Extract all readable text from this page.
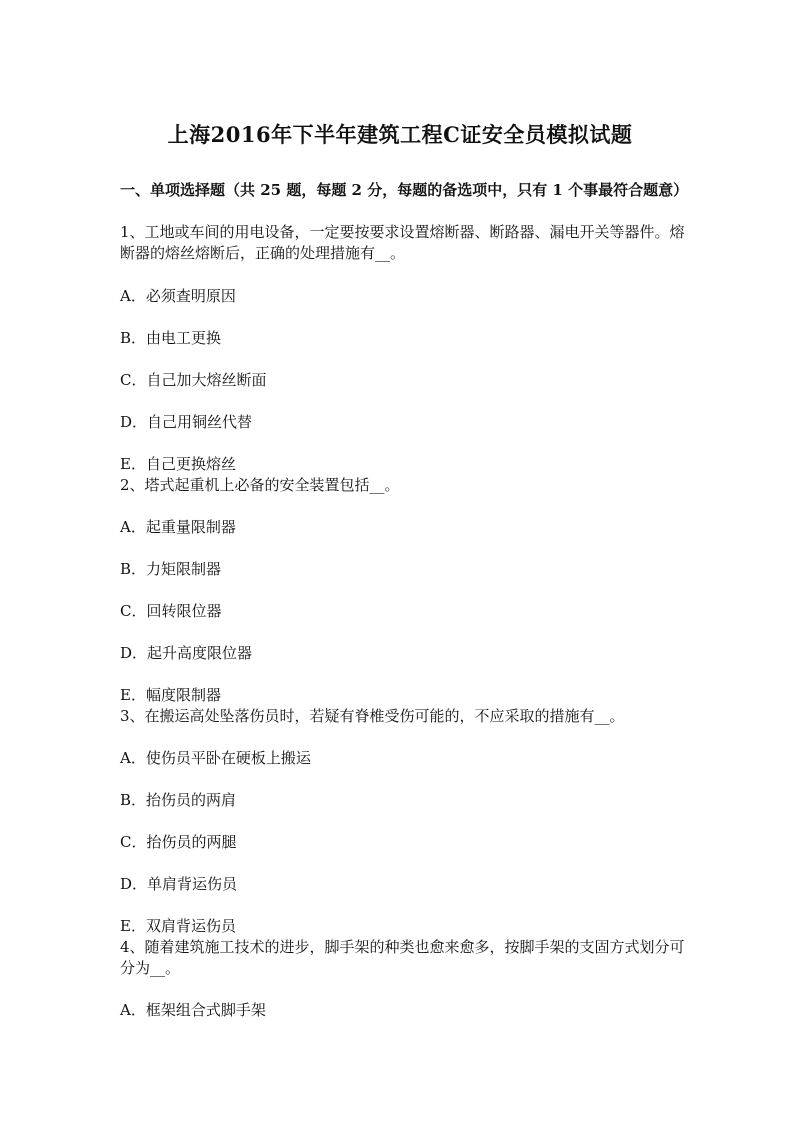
上海2016年下半年建筑工程C证安全员模拟试题
一、单项选择题（共 25 题，每题 2 分，每题的备选项中，只有 1 个事最符合题意）
1、工地或车间的用电设备，一定要按要求设置熔断器、断路器、漏电开关等器件。熔断器的熔丝熔断后，正确的处理措施有__。
A．必须查明原因
B．由电工更换
C．自己加大熔丝断面
D．自己用铜丝代替
E．自己更换熔丝
2、塔式起重机上必备的安全装置包括__。
A．起重量限制器
B．力矩限制器
C．回转限位器
D．起升高度限位器
E．幅度限制器
3、在搬运高处坠落伤员时，若疑有脊椎受伤可能的，不应采取的措施有__。
A．使伤员平卧在硬板上搬运
B．抬伤员的两肩
C．抬伤员的两腿
D．单肩背运伤员
E．双肩背运伤员
4、随着建筑施工技术的进步，脚手架的种类也愈来愈多，按脚手架的支固方式划分可分为__。
A．框架组合式脚手架
